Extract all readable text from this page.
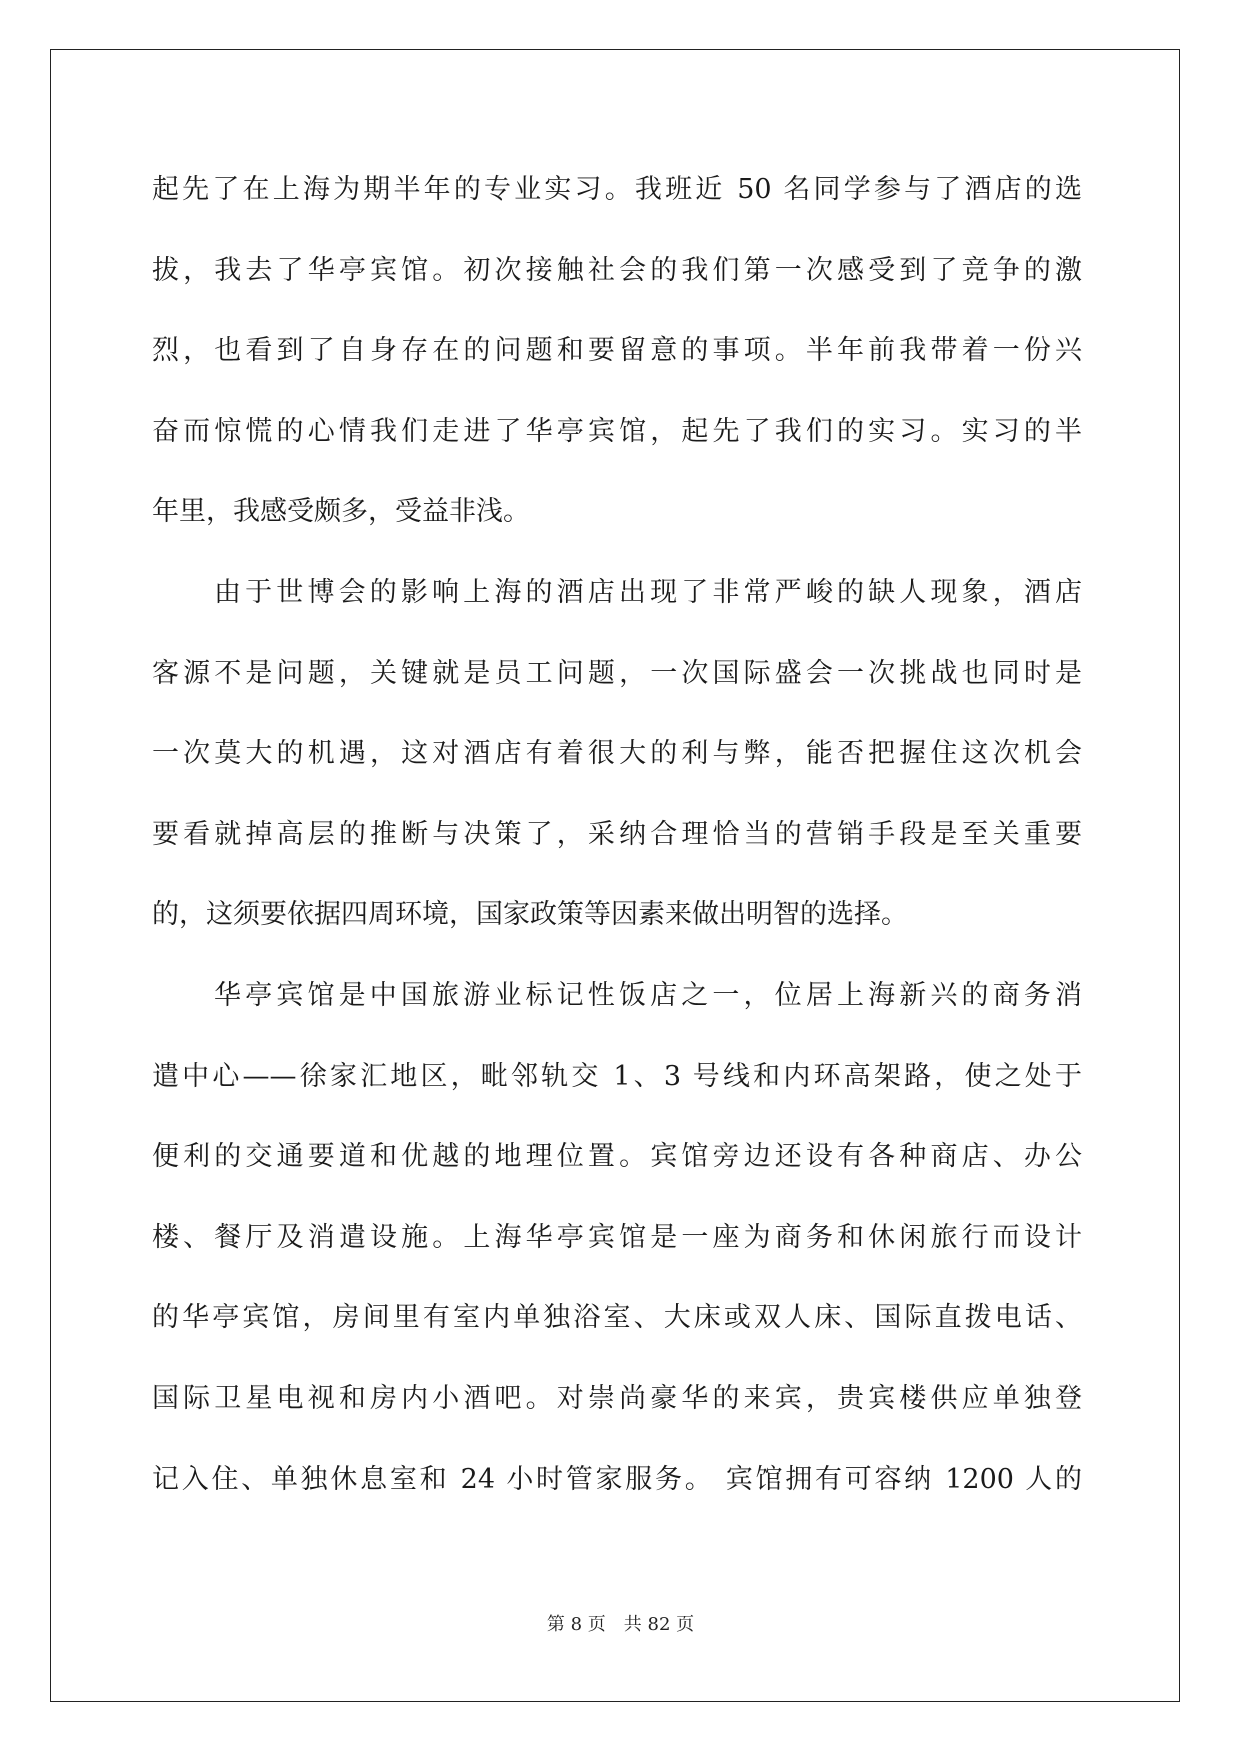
起先了在上海为期半年的专业实习。我班近 50 名同学参与了酒店的选
拔，我去了华亭宾馆。初次接触社会的我们第一次感受到了竞争的激
烈，也看到了自身存在的问题和要留意的事项。半年前我带着一份兴
奋而惊慌的心情我们走进了华亭宾馆，起先了我们的实习。实习的半
年里，我感受颇多，受益非浅。
由于世博会的影响上海的酒店出现了非常严峻的缺人现象，酒店
客源不是问题，关键就是员工问题，一次国际盛会一次挑战也同时是
一次莫大的机遇，这对酒店有着很大的利与弊，能否把握住这次机会
要看就掉高层的推断与决策了，采纳合理恰当的营销手段是至关重要
的，这须要依据四周环境，国家政策等因素来做出明智的选择。
华亭宾馆是中国旅游业标记性饭店之一，位居上海新兴的商务消
遣中心——徐家汇地区，毗邻轨交 1、3 号线和内环高架路，使之处于
便利的交通要道和优越的地理位置。宾馆旁边还设有各种商店、办公
楼、餐厅及消遣设施。上海华亭宾馆是一座为商务和休闲旅行而设计
的华亭宾馆，房间里有室内单独浴室、大床或双人床、国际直拨电话、
国际卫星电视和房内小酒吧。对崇尚豪华的来宾，贵宾楼供应单独登
记入住、单独休息室和 24 小时管家服务。 宾馆拥有可容纳 1200 人的
第 8 页 共 82 页
